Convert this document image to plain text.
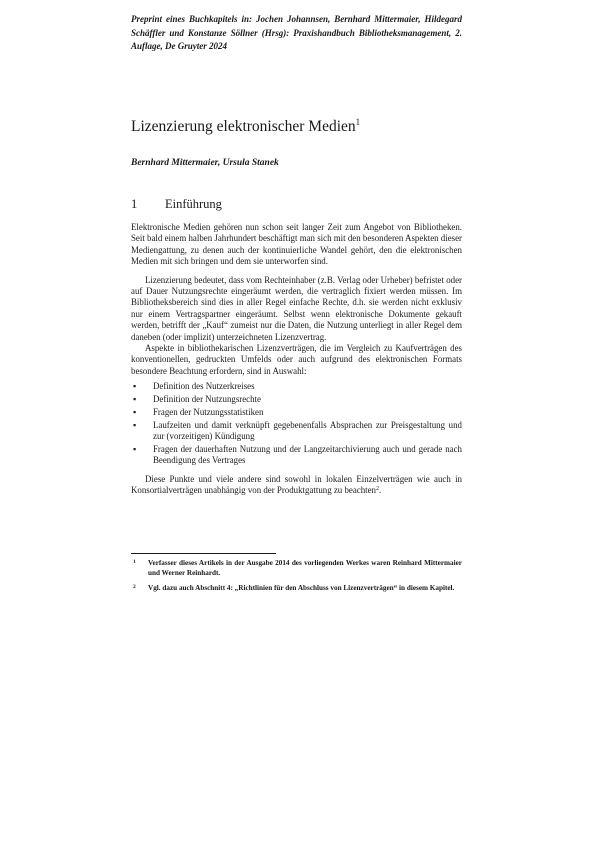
Preprint eines Buchkapitels in: Jochen Johannsen, Bernhard Mittermaier, Hildegard Schäffler und Konstanze Söllner (Hrsg): Praxishandbuch Bibliotheksmanagement, 2. Auflage, De Gruyter 2024

Lizenzierung elektronischer Medien$^1$

Bernhard Mittermaier, Ursula Stanek

1 Einführung

Elektronische Medien gehören nun schon seit langer Zeit zum Angebot von Bibliotheken. Seit bald einem halben Jahrhundert beschäftigt man sich mit den besonderen Aspekten dieser Mediengattung, zu denen auch der kontinuierliche Wandel gehört, den die elektronischen Medien mit sich bringen und dem sie unterworfen sind.

Lizenzierung bedeutet, dass vom Rechteinhaber (z.B. Verlag oder Urheber) befristet oder auf Dauer Nutzungsrechte eingeräumt werden, die vertraglich fixiert werden müssen. Im Bibliotheksbereich sind dies in aller Regel einfache Rechte, d.h. sie werden nicht exklusiv nur einem Vertragspartner eingeräumt. Selbst wenn elektronische Dokumente gekauft werden, betrifft der „Kauf“ zumeist nur die Daten, die Nutzung unterliegt in aller Regel dem daneben (oder implizit) unterzeichneten Lizenzvertrag.

Aspekte in bibliothekarischen Lizenzverträgen, die im Vergleich zu Kaufverträgen des konventionellen, gedruckten Umfelds oder auch aufgrund des elektronischen Formats besondere Beachtung erfordern, sind in Auswahl:

▪	Definition des Nutzerkreises
▪	Definition der Nutzungsrechte
▪	Fragen der Nutzungsstatistiken
▪	Laufzeiten und damit verknüpft gegebenenfalls Absprachen zur Preisgestaltung und zur (vorzeitigen) Kündigung
▪	Fragen der dauerhaften Nutzung und der Langzeitarchivierung auch und gerade nach Beendigung des Vertrages

Diese Punkte und viele andere sind sowohl in lokalen Einzelverträgen wie auch in Konsortialverträgen unabhängig von der Produktgattung zu beachten$^2$.

1 Verfasser dieses Artikels in der Ausgabe 2014 des vorliegenden Werkes waren Reinhard Mittermaier und Werner Reinhardt.
2 Vgl. dazu auch Abschnitt 4: „Richtlinien für den Abschluss von Lizenzverträgen“ in diesem Kapitel.
